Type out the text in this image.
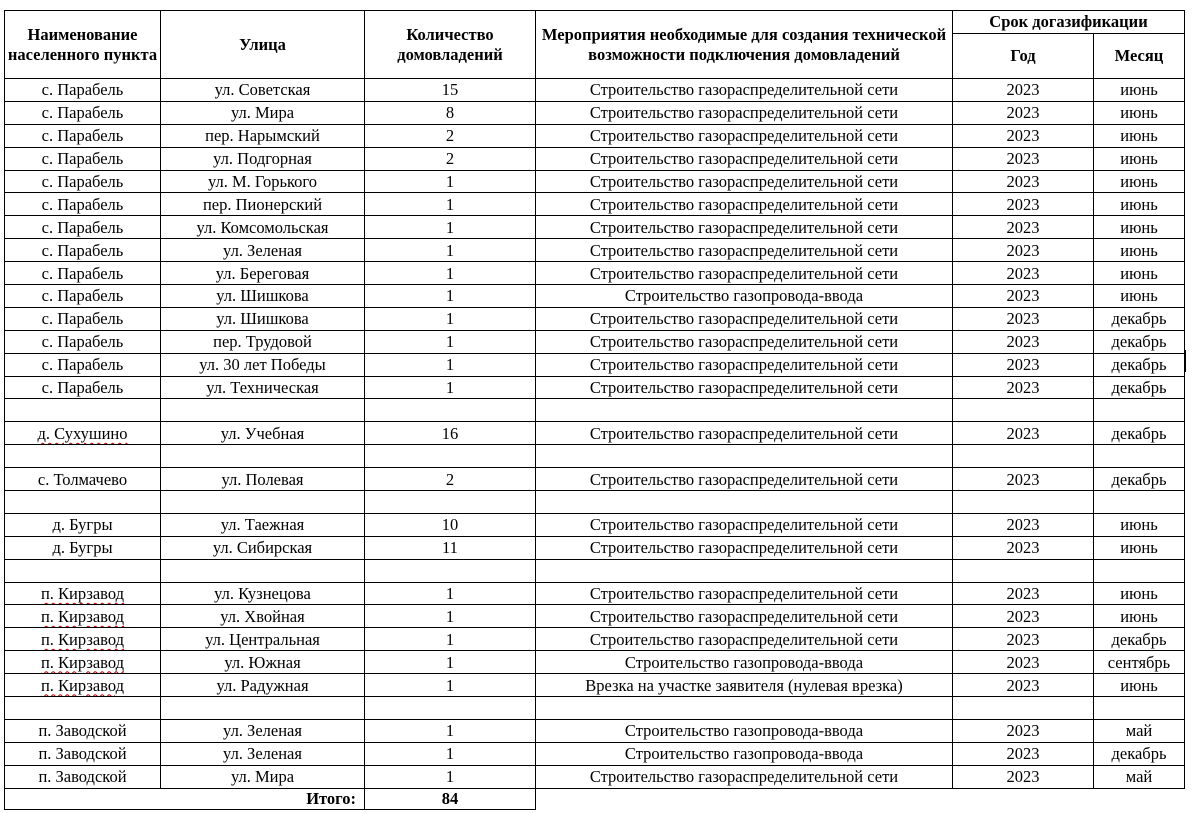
Наименование населенного пункта	Улица	Количество домовладений	Мероприятия необходимые для создания технической возможности подключения домовладений	Срок догазификации	
				Год	Месяц
с. Парабель	ул. Советская	15	Строительство газораспределительной сети	2023	июнь
с. Парабель	ул. Мира	8	Строительство газораспределительной сети	2023	июнь
с. Парабель	пер. Нарымский	2	Строительство газораспределительной сети	2023	июнь
с. Парабель	ул. Подгорная	2	Строительство газораспределительной сети	2023	июнь
с. Парабель	ул. М. Горького	1	Строительство газораспределительной сети	2023	июнь
с. Парабель	пер. Пионерский	1	Строительство газораспределительной сети	2023	июнь
с. Парабель	ул. Комсомольская	1	Строительство газораспределительной сети	2023	июнь
с. Парабель	ул. Зеленая	1	Строительство газораспределительной сети	2023	июнь
с. Парабель	ул. Береговая	1	Строительство газораспределительной сети	2023	июнь
с. Парабель	ул. Шишкова	1	Строительство газопровода-ввода	2023	июнь
с. Парабель	ул. Шишкова	1	Строительство газораспределительной сети	2023	декабрь
с. Парабель	пер. Трудовой	1	Строительство газораспределительной сети	2023	декабрь
с. Парабель	ул. 30 лет Победы	1	Строительство газораспределительной сети	2023	декабрь
с. Парабель	ул. Техническая	1	Строительство газораспределительной сети	2023	декабрь

д. Сухушино	ул. Учебная	16	Строительство газораспределительной сети	2023	декабрь

с. Толмачево	ул. Полевая	2	Строительство газораспределительной сети	2023	декабрь

д. Бугры	ул. Таежная	10	Строительство газораспределительной сети	2023	июнь
д. Бугры	ул. Сибирская	11	Строительство газораспределительной сети	2023	июнь

п. Кирзавод	ул. Кузнецова	1	Строительство газораспределительной сети	2023	июнь
п. Кирзавод	ул. Хвойная	1	Строительство газораспределительной сети	2023	июнь
п. Кирзавод	ул. Центральная	1	Строительство газораспределительной сети	2023	декабрь
п. Кирзавод	ул. Южная	1	Строительство газопровода-ввода	2023	сентябрь
п. Кирзавод	ул. Радужная	1	Врезка на участке заявителя (нулевая врезка)	2023	июнь

п. Заводской	ул. Зеленая	1	Строительство газопровода-ввода	2023	май
п. Заводской	ул. Зеленая	1	Строительство газопровода-ввода	2023	декабрь
п. Заводской	ул. Мира	1	Строительство газораспределительной сети	2023	май
Итого:		84			
